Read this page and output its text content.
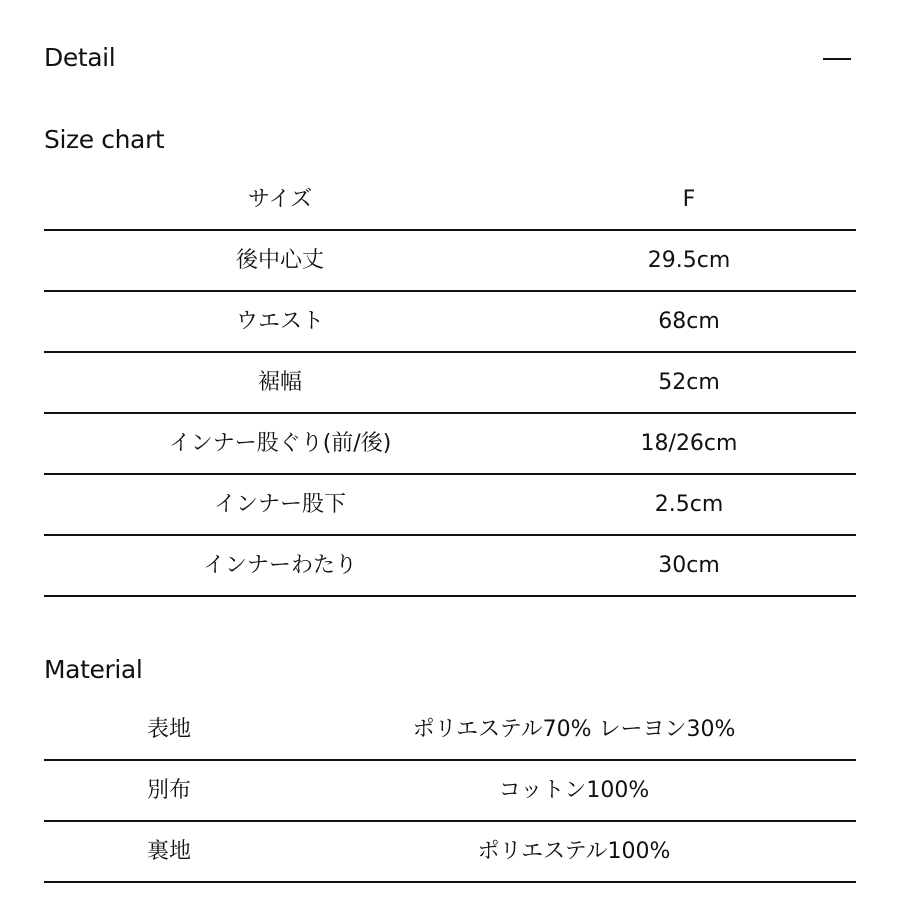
Detail
Size chart
サイズ	F
後中心丈	29.5cm
ウエスト	68cm
裾幅	52cm
インナー股ぐり(前/後)	18/26cm
インナー股下	2.5cm
インナーわたり	30cm
Material
表地	ポリエステル70% レーヨン30%
別布	コットン100%
裏地	ポリエステル100%
